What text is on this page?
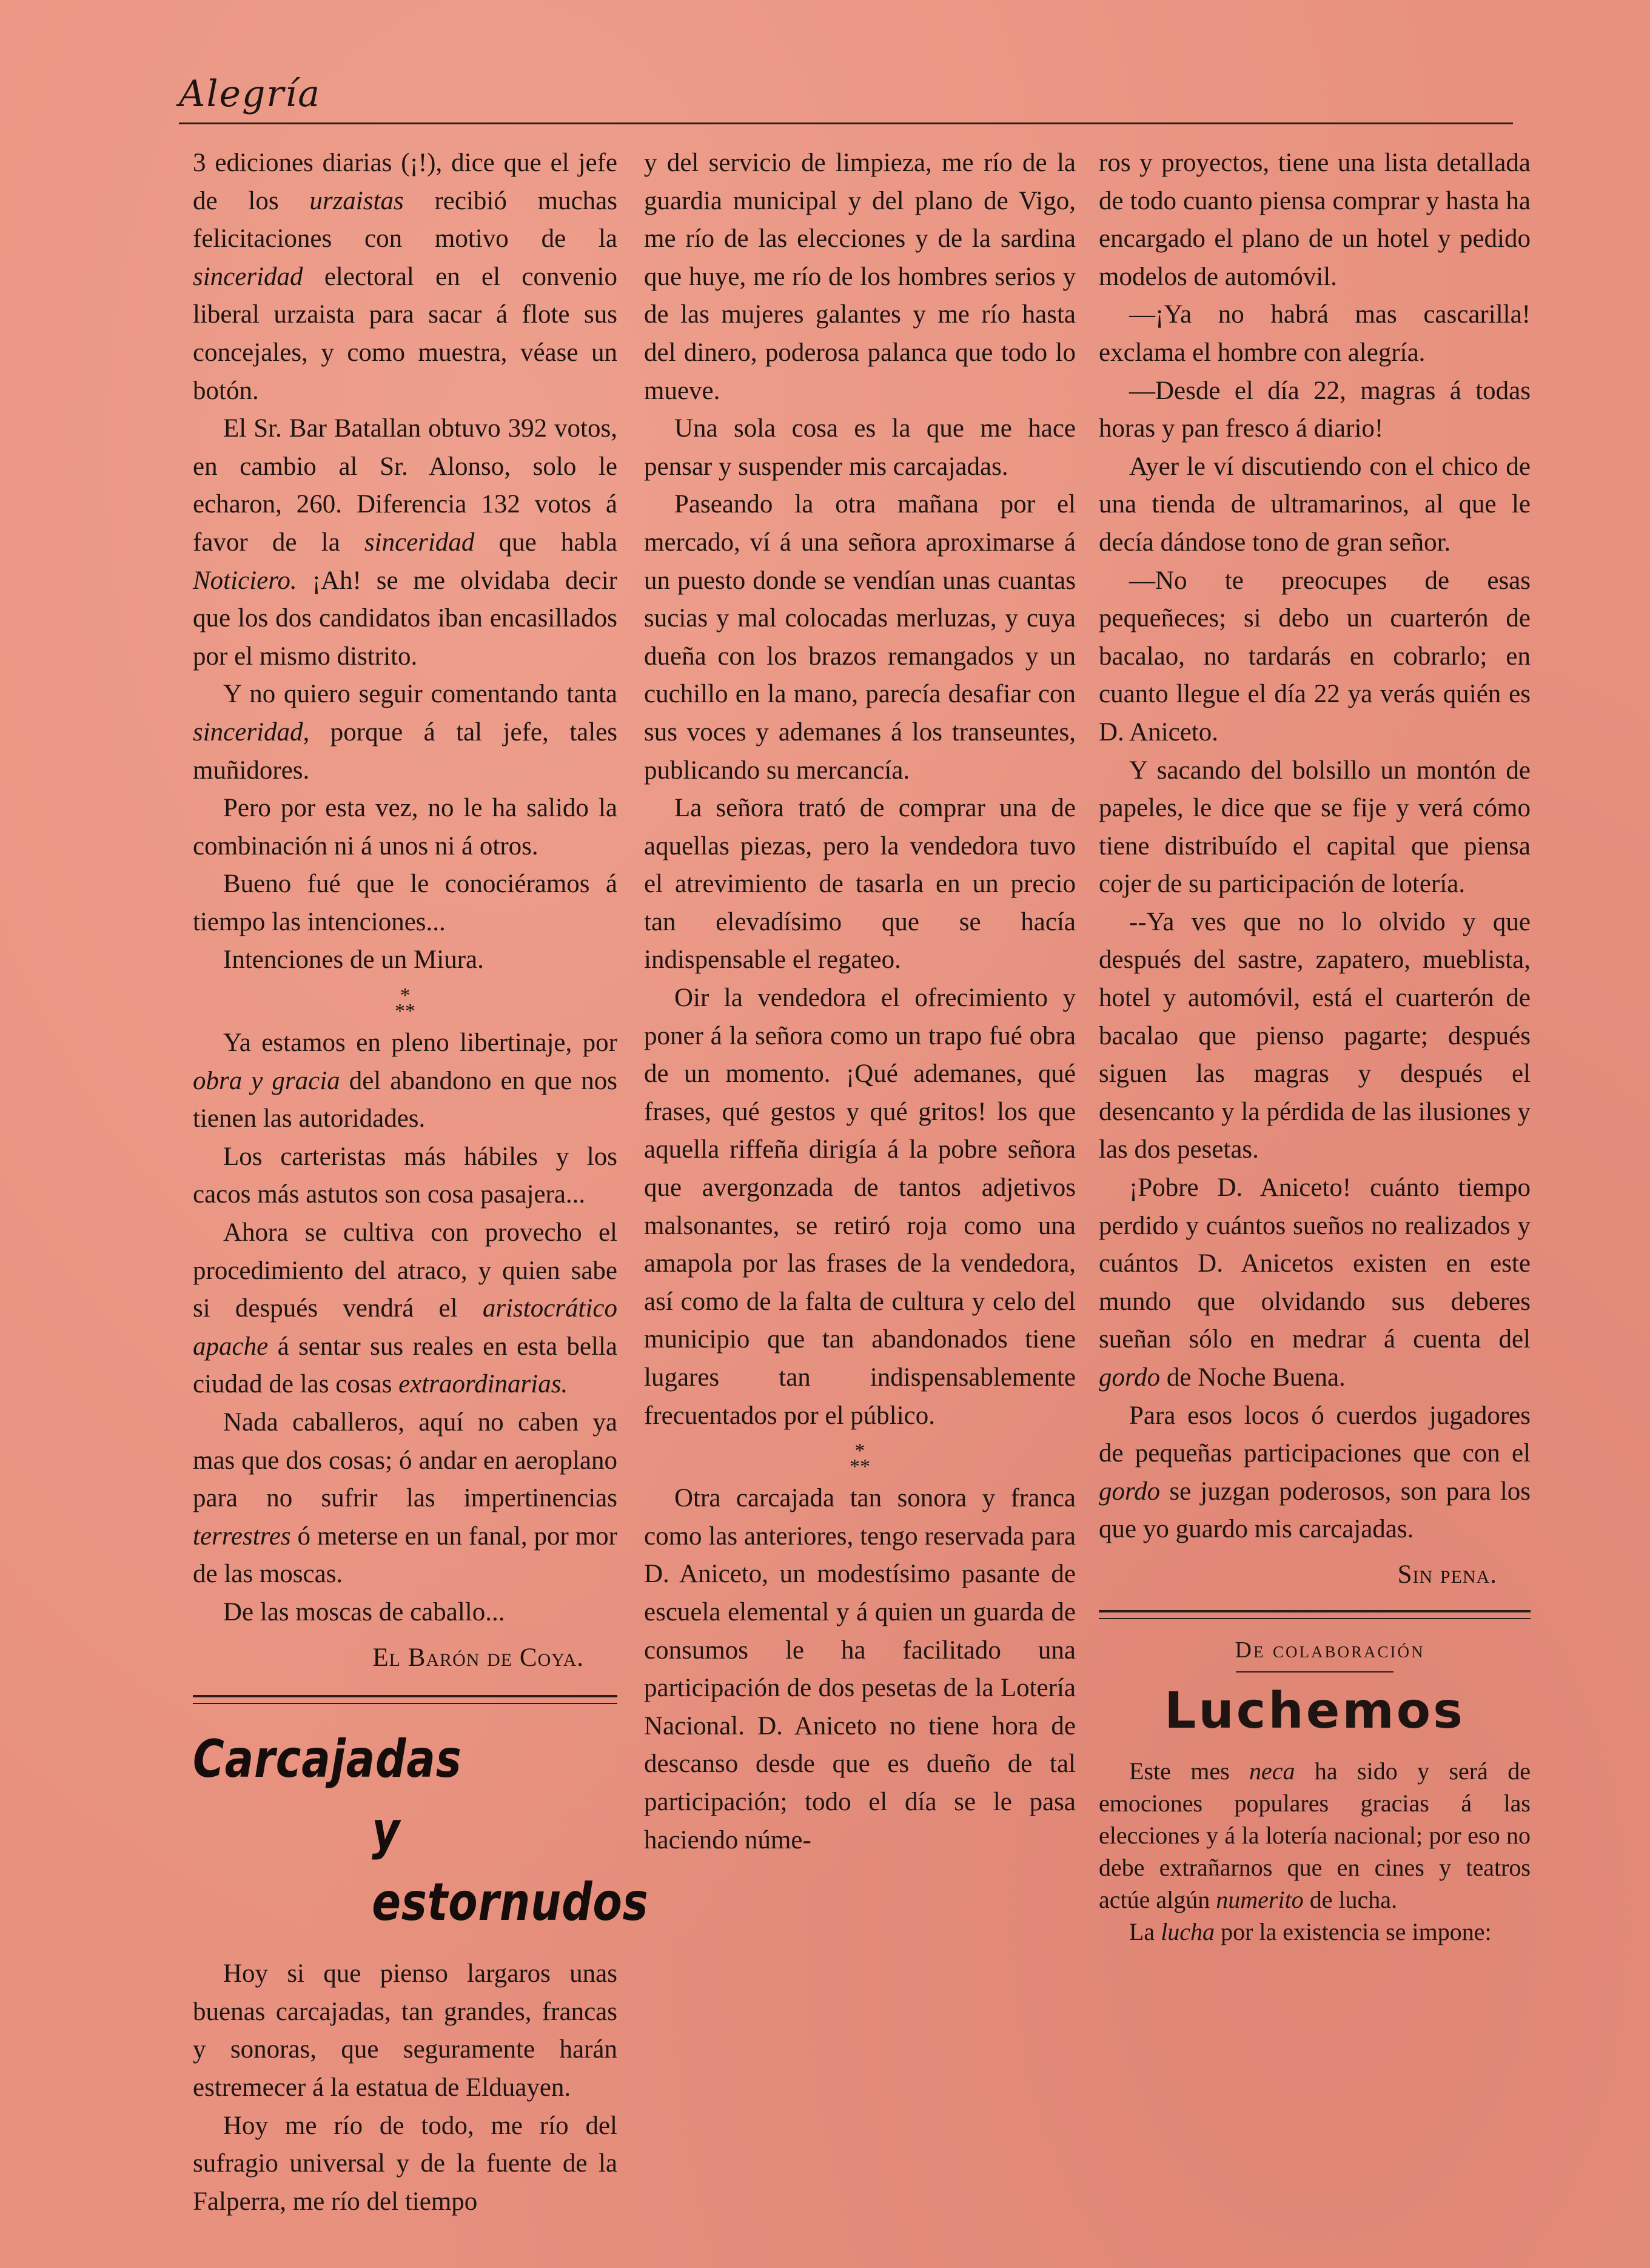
Alegría

3 ediciones diarias (¡!), dice que el jefe de los urzaistas recibió muchas felicitaciones con motivo de la sinceridad electoral en el convenio liberal urzaista para sacar á flote sus concejales, y como muestra, véase un botón.

El Sr. Bar Batallan obtuvo 392 votos, en cambio al Sr. Alonso, solo le echaron, 260. Diferencia 132 votos á favor de la sinceridad que habla Noticiero. ¡Ah! se me olvidaba decir que los dos candidatos iban encasillados por el mismo distrito.

Y no quiero seguir comentando tanta sinceridad, porque á tal jefe, tales muñidores.

Pero por esta vez, no le ha salido la combinación ni á unos ni á otros.

Bueno fué que le conociéramos á tiempo las intenciones...

Intenciones de un Miura.

*
**

Ya estamos en pleno libertinaje, por obra y gracia del abandono en que nos tienen las autoridades.

Los carteristas más hábiles y los cacos más astutos son cosa pasajera...

Ahora se cultiva con provecho el procedimiento del atraco, y quien sabe si después vendrá el aristocrático apache á sentar sus reales en esta bella ciudad de las cosas extraordinarias.

Nada caballeros, aquí no caben ya mas que dos cosas; ó andar en aeroplano para no sufrir las impertinencias terrestres ó meterse en un fanal, por mor de las moscas.

De las moscas de caballo...

El Barón de Coya.

Carcajadas
y estornudos

Hoy si que pienso largaros unas buenas carcajadas, tan grandes, francas y sonoras, que seguramente harán estremecer á la estatua de Elduayen.

Hoy me río de todo, me río del sufragio universal y de la fuente de la Falperra, me río del tiempo

y del servicio de limpieza, me río de la guardia municipal y del plano de Vigo, me río de las elecciones y de la sardina que huye, me río de los hombres serios y de las mujeres galantes y me río hasta del dinero, poderosa palanca que todo lo mueve.

Una sola cosa es la que me hace pensar y suspender mis carcajadas.

Paseando la otra mañana por el mercado, ví á una señora aproximarse á un puesto donde se vendían unas cuantas sucias y mal colocadas merluzas, y cuya dueña con los brazos remangados y un cuchillo en la mano, parecía desafiar con sus voces y ademanes á los transeuntes, publicando su mercancía.

La señora trató de comprar una de aquellas piezas, pero la vendedora tuvo el atrevimiento de tasarla en un precio tan elevadísimo que se hacía indispensable el regateo.

Oir la vendedora el ofrecimiento y poner á la señora como un trapo fué obra de un momento. ¡Qué ademanes, qué frases, qué gestos y qué gritos! los que aquella riffeña dirigía á la pobre señora que avergonzada de tantos adjetivos malsonantes, se retiró roja como una amapola por las frases de la vendedora, así como de la falta de cultura y celo del municipio que tan abandonados tiene lugares tan indispensablemente frecuentados por el público.

*
**

Otra carcajada tan sonora y franca como las anteriores, tengo reservada para D. Aniceto, un modestísimo pasante de escuela elemental y á quien un guarda de consumos le ha facilitado una participación de dos pesetas de la Lotería Nacional. D. Aniceto no tiene hora de descanso desde que es dueño de tal participación; todo el día se le pasa haciendo núme-

ros y proyectos, tiene una lista detallada de todo cuanto piensa comprar y hasta ha encargado el plano de un hotel y pedido modelos de automóvil.

—¡Ya no habrá mas cascarilla! exclama el hombre con alegría.

—Desde el día 22, magras á todas horas y pan fresco á diario!

Ayer le ví discutiendo con el chico de una tienda de ultramarinos, al que le decía dándose tono de gran señor.

—No te preocupes de esas pequeñeces; si debo un cuarterón de bacalao, no tardarás en cobrarlo; en cuanto llegue el día 22 ya verás quién es D. Aniceto.

Y sacando del bolsillo un montón de papeles, le dice que se fije y verá cómo tiene distribuído el capital que piensa cojer de su participación de lotería.

--Ya ves que no lo olvido y que después del sastre, zapatero, mueblista, hotel y automóvil, está el cuarterón de bacalao que pienso pagarte; después siguen las magras y después el desencanto y la pérdida de las ilusiones y las dos pesetas.

¡Pobre D. Aniceto! cuánto tiempo perdido y cuántos sueños no realizados y cuántos D. Anicetos existen en este mundo que olvidando sus deberes sueñan sólo en medrar á cuenta del gordo de Noche Buena.

Para esos locos ó cuerdos jugadores de pequeñas participaciones que con el gordo se juzgan poderosos, son para los que yo guardo mis carcajadas.

Sin pena.

De colaboración

Luchemos

Este mes neca ha sido y será de emociones populares gracias á las elecciones y á la lotería nacional; por eso no debe extrañarnos que en cines y teatros actúe algún numerito de lucha.

La lucha por la existencia se impone:
